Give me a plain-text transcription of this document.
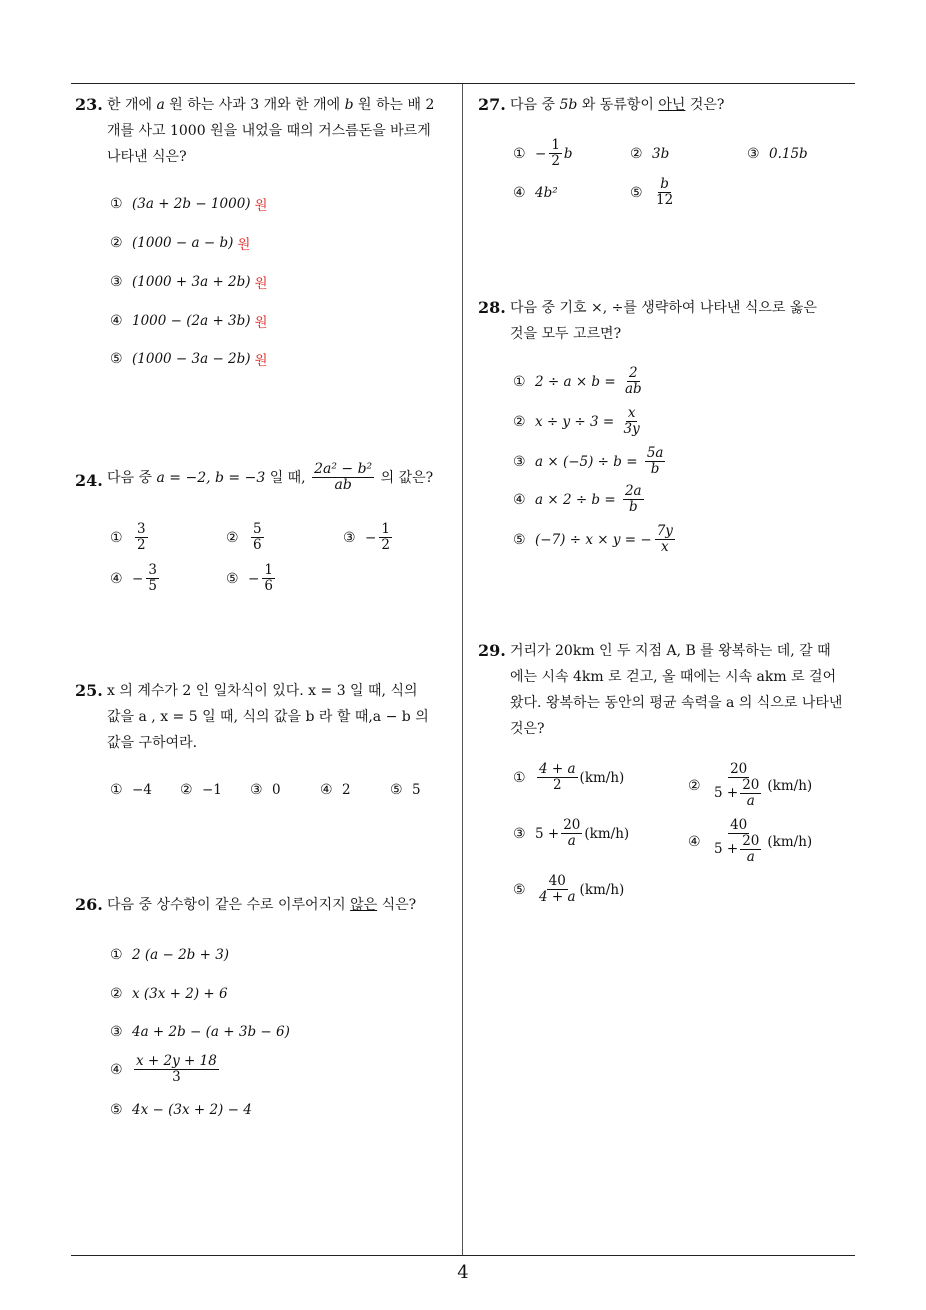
4
23. 한 개에 a 원 하는 사과 3 개와 한 개에 b 원 하는 배 2
개를 사고 1000 원을 내었을 때의 거스름돈을 바르게
나타낸 식은?
① (3a + 2b − 1000) 원
② (1000 − a − b) 원
③ (1000 + 3a + 2b) 원
④ 1000 − (2a + 3b) 원
⑤ (1000 − 3a − 2b) 원
24. 다음 중
a = −2, b = −3
일 때,
$\frac{\text{2a² − b²}}{ab}$
의 값은?
① $\frac{3}{2}$	② $\frac{5}{6}$	③ − $\frac{1}{2}$
④ − $\frac{3}{5}$	⑤ − $\frac{1}{6}$
25. x 의 계수가 2 인 일차식이 있다. x = 3 일 때, 식의
값을 a , x = 5 일 때, 식의 값을 b 라 할 때,a − b 의
값을 구하여라.
① −4 ② −1 ③ 0	④ 2	⑤ 5
26. 다음 중 상수항이 같은 수로 이루어지지 않은 식은?
① 2 (a − 2b + 3)
② x (3x + 2) + 6
③ 4a + 2b − (a + 3b − 6)
④ $\frac{x + 2y + 18}{3}$
⑤ 4x − (3x + 2) − 4
27. 다음 중 5b 와 동류항이 아닌 것은?
① − $\frac{1}{2}$ b	② 3b	③ 0.15b
④ 4b²	⑤ $\frac{b}{12}$
28. 다음 중 기호 ×, ÷를 생략하여 나타낸 식으로 옳은
것을 모두 고르면?
① 2 ÷ a × b =
$\frac{2}{ab}$
② x ÷ y ÷ 3 =
$\frac{x}{3y}$
③ a × (−5) ÷ b =
$\frac{5a}{b}$
④ a × 2 ÷ b =
$\frac{2a}{b}$
⑤ (−7) ÷ x × y =
− $\frac{7y}{x}$
29. 거리가 20km 인 두 지점 A, B 를 왕복하는 데, 갈 때
에는 시속 4km 로 걷고, 올 때에는 시속 akm 로 걸어
왔다. 왕복하는 동안의 평균 속력을 a 의 식으로 나타낸
것은?
① $\frac{4 + a}{2} (km/h)$	② $\frac{20}{5 + \frac{20}{a}} (km/h)$
③ $5 + \frac{20}{a} (km/h)$	④ $\frac{40}{5 + \frac{20}{a}} (km/h)$
⑤ $\frac{40}{4 + a} (km/h)$
